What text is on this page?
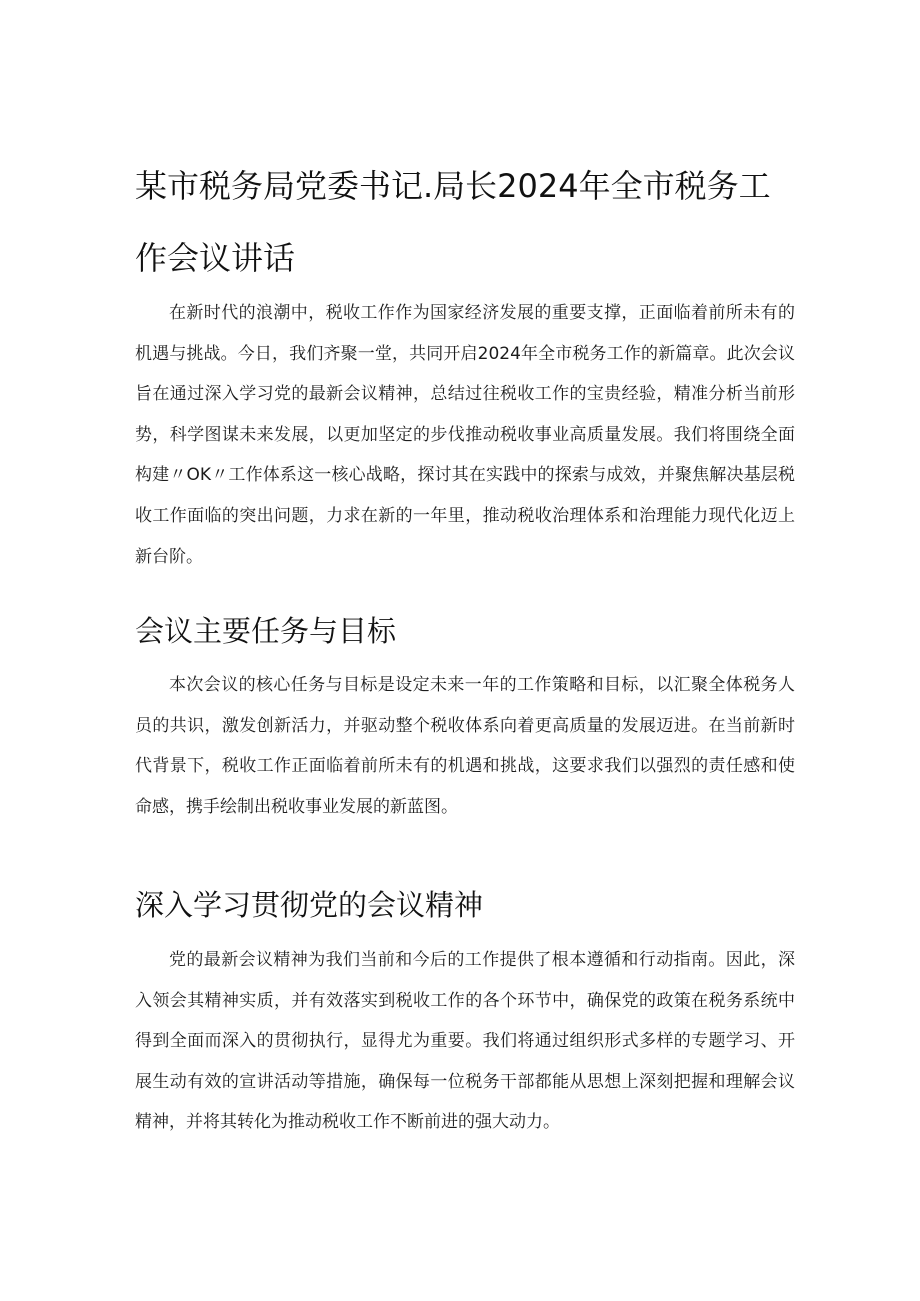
某市税务局党委书记.局长2024年全市税务工作会议讲话

在新时代的浪潮中，税收工作作为国家经济发展的重要支撑，正面临着前所未有的机遇与挑战。今日，我们齐聚一堂，共同开启2024年全市税务工作的新篇章。此次会议旨在通过深入学习党的最新会议精神，总结过往税收工作的宝贵经验，精准分析当前形势，科学图谋未来发展，以更加坚定的步伐推动税收事业高质量发展。我们将围绕全面构建〃OK〃工作体系这一核心战略，探讨其在实践中的探索与成效，并聚焦解决基层税收工作面临的突出问题，力求在新的一年里，推动税收治理体系和治理能力现代化迈上新台阶。

会议主要任务与目标

本次会议的核心任务与目标是设定未来一年的工作策略和目标，以汇聚全体税务人员的共识，激发创新活力，并驱动整个税收体系向着更高质量的发展迈进。在当前新时代背景下，税收工作正面临着前所未有的机遇和挑战，这要求我们以强烈的责任感和使命感，携手绘制出税收事业发展的新蓝图。

深入学习贯彻党的会议精神

党的最新会议精神为我们当前和今后的工作提供了根本遵循和行动指南。因此，深入领会其精神实质，并有效落实到税收工作的各个环节中，确保党的政策在税务系统中得到全面而深入的贯彻执行，显得尤为重要。我们将通过组织形式多样的专题学习、开展生动有效的宣讲活动等措施，确保每一位税务干部都能从思想上深刻把握和理解会议精神，并将其转化为推动税收工作不断前进的强大动力。
